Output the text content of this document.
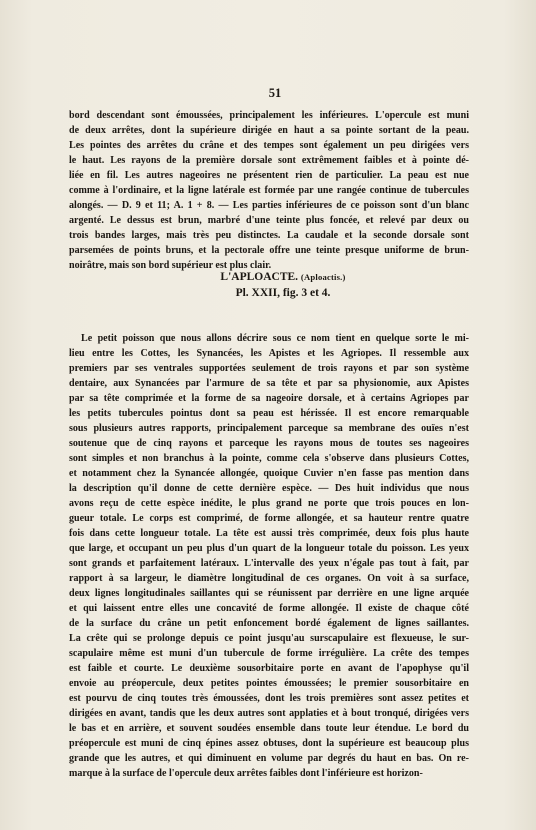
51
bord descendant sont émoussées, principalement les inférieures. L'opercule est muni
de deux arrêtes, dont la supérieure dirigée en haut a sa pointe sortant de la peau.
Les pointes des arrêtes du crâne et des tempes sont également un peu dirigées vers
le haut. Les rayons de la première dorsale sont extrêmement faibles et à pointe dé-
liée en fil. Les autres nageoires ne présentent rien de particulier. La peau est nue
comme à l'ordinaire, et la ligne latérale est formée par une rangée continue de tubercules
alongés. — D. 9 et 11; A. 1 + 8. — Les parties inférieures de ce poisson sont d'un blanc
argenté. Le dessus est brun, marbré d'une teinte plus foncée, et relevé par deux ou
trois bandes larges, mais très peu distinctes. La caudale et la seconde dorsale sont
parsemées de points bruns, et la pectorale offre une teinte presque uniforme de brun-
noirâtre, mais son bord supérieur est plus clair.
L'APLOACTE. (Aploactis.)
Pl. XXII, fig. 3 et 4.
Le petit poisson que nous allons décrire sous ce nom tient en quelque sorte le mi-
lieu entre les Cottes, les Synancées, les Apistes et les Agriopes. Il ressemble aux
premiers par ses ventrales supportées seulement de trois rayons et par son système
dentaire, aux Synancées par l'armure de sa tête et par sa physionomie, aux Apistes
par sa tête comprimée et la forme de sa nageoire dorsale, et à certains Agriopes par
les petits tubercules pointus dont sa peau est hérissée. Il est encore remarquable
sous plusieurs autres rapports, principalement parceque sa membrane des ouïes n'est
soutenue que de cinq rayons et parceque les rayons mous de toutes ses nageoires
sont simples et non branchus à la pointe, comme cela s'observe dans plusieurs Cottes,
et notamment chez la Synancée allongée, quoique Cuvier n'en fasse pas mention dans
la description qu'il donne de cette dernière espèce. — Des huit individus que nous
avons reçu de cette espèce inédite, le plus grand ne porte que trois pouces en lon-
gueur totale. Le corps est comprimé, de forme allongée, et sa hauteur rentre quatre
fois dans cette longueur totale. La tête est aussi très comprimée, deux fois plus haute
que large, et occupant un peu plus d'un quart de la longueur totale du poisson. Les yeux
sont grands et parfaitement latéraux. L'intervalle des yeux n'égale pas tout à fait, par
rapport à sa largeur, le diamètre longitudinal de ces organes. On voit à sa surface,
deux lignes longitudinales saillantes qui se réunissent par derrière en une ligne arquée
et qui laissent entre elles une concavité de forme allongée. Il existe de chaque côté
de la surface du crâne un petit enfoncement bordé également de lignes saillantes.
La crête qui se prolonge depuis ce point jusqu'au surscapulaire est flexueuse, le sur-
scapulaire même est muni d'un tubercule de forme irrégulière. La crête des tempes
est faible et courte. Le deuxième sousorbitaire porte en avant de l'apophyse qu'il
envoie au préopercule, deux petites pointes émoussées; le premier sousorbitaire en
est pourvu de cinq toutes très émoussées, dont les trois premières sont assez petites et
dirigées en avant, tandis que les deux autres sont applaties et à bout tronqué, dirigées vers
le bas et en arrière, et souvent soudées ensemble dans toute leur étendue. Le bord du
préopercule est muni de cinq épines assez obtuses, dont la supérieure est beaucoup plus
grande que les autres, et qui diminuent en volume par degrés du haut en bas. On re-
marque à la surface de l'opercule deux arrêtes faibles dont l'inférieure est horizon-
